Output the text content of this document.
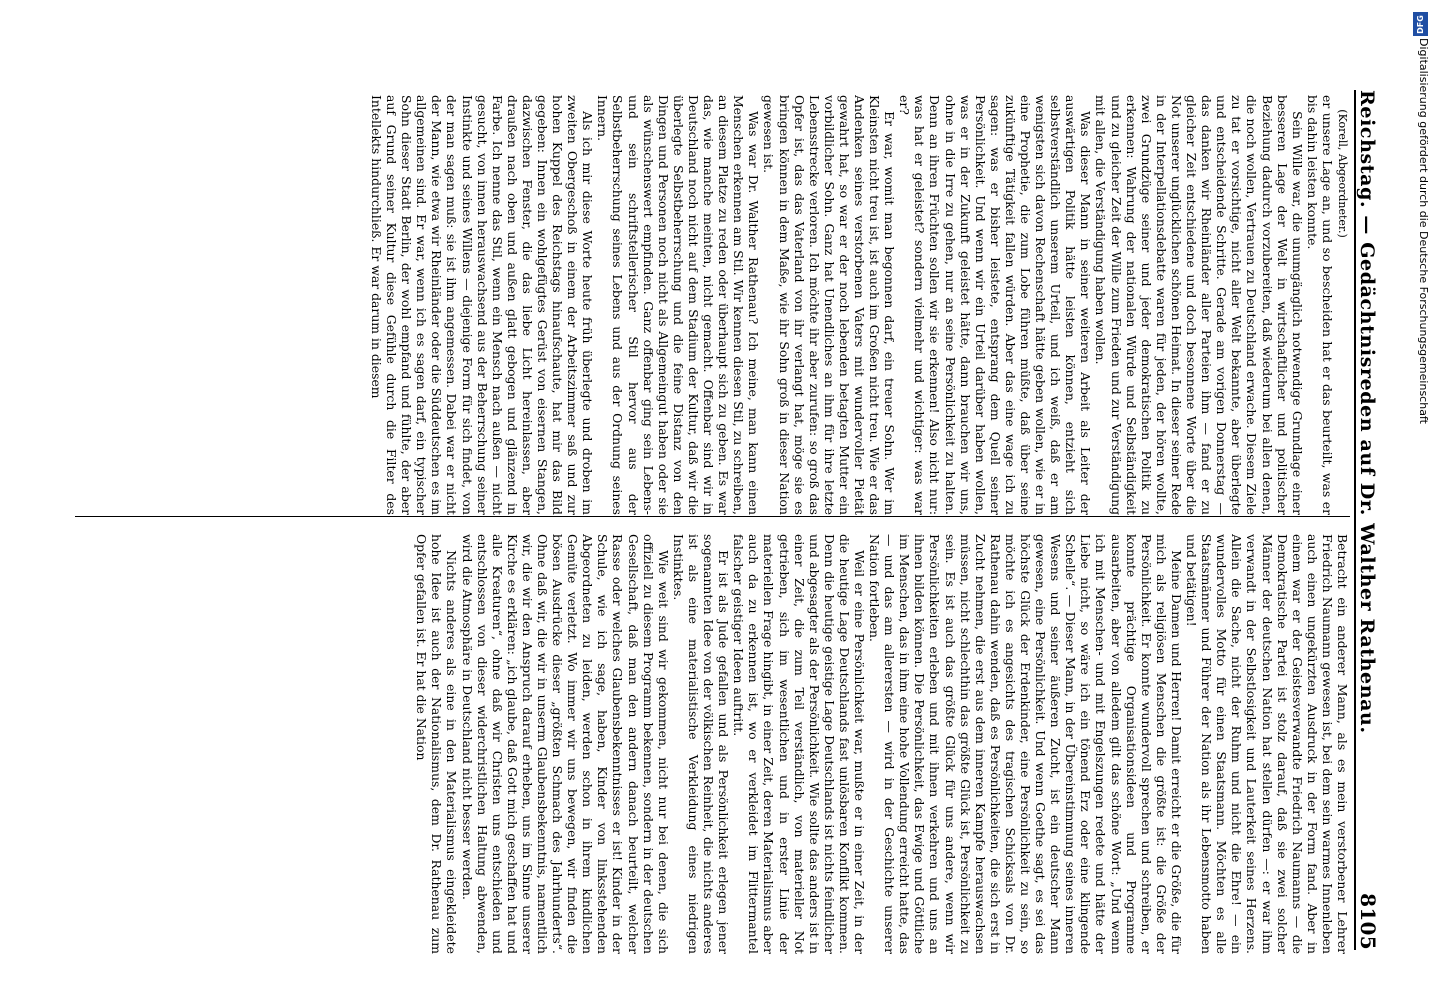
Reichstag. — Gedächtnisreden auf Dr. Walther Rathenau.
8105

(Korell, Abgeordneter.)

er unsere Lage an, und so bescheiden hat er das beurteilt, was er bis dahin leisten konnte.

Sein Wille war, die unumgänglich notwendige Grundlage einer besseren Lage der Welt in wirtschaftlicher und politischer Beziehung dadurch vorzubereiten, daß wiederum bei allen denen, die noch wollen, Vertrauen zu Deutschland erwache. Diesem Ziele zu tat er vorsichtige, nicht aller Welt bekannte, aber überlegte und entscheidende Schritte. Gerade am vorigen Donnerstag — das danken wir Rheinländer aller Parteien ihm — fand er zu gleicher Zeit entschiedene und doch besonnene Worte über die Not unserer unglücklichen schönen Heimat. In dieser seiner Rede in der Interpellationsdebatte waren für jeden, der hören wollte, zwei Grundzüge seiner und jeder demokratischen Politik zu erkennen: Wahrung der nationalen Würde und Selbständigkeit und zu gleicher Zeit der Wille zum Frieden und zur Verständigung mit allen, die Verständigung haben wollen.

Was dieser Mann in seiner weiteren Arbeit als Leiter der auswärtigen Politik hätte leisten können, entzieht sich selbstverständlich unserem Urteil, und ich weiß, daß er am wenigsten sich davon Rechenschaft hätte geben wollen, wie er in eine Prophetie, die zum Lobe führen müßte, daß über seine zukünftige Tätigkeit fallen würden. Aber das eine wage ich zu sagen: was er bisher leistete, entsprang dem Quell seiner Persönlichkeit. Und wenn wir ein Urteil darüber haben wollen, was er in der Zukunft geleistet hätte, dann brauchen wir uns, ohne in die Irre zu gehen, nur an seine Persönlichkeit zu halten. Denn an ihren Früchten sollen wir sie erkennen! Also nicht nur: was hat er geleistet? sondern vielmehr und wichtiger: was war er?

Er war, womit man begonnen darf, ein treuer Sohn. Wer im Kleinsten nicht treu ist, ist auch im Großen nicht treu. Wie er das Andenken seines verstorbenen Vaters mit wundervoller Pietät gewahrt hat, so war er der noch lebenden betagten Mutter ein vorbildlicher Sohn. Ganz hat Unendliches an ihm für ihre letzte Lebensstrecke verloren. Ich möchte ihr aber zurufen: so groß das Opfer ist, das das Vaterland von ihr verlangt hat, möge sie es bringen können in dem Maße, wie ihr Sohn groß in dieser Nation gewesen ist.

Was war Dr. Walther Rathenau? Ich meine, man kann einen Menschen erkennen am Stil. Wir kennen diesen Stil, zu schreiben, an diesem Platze zu reden oder überhaupt sich zu geben. Es war das, wie manche meinten, nicht gemacht. Offenbar sind wir in Deutschland noch nicht auf dem Stadium der Kultur, daß wir die überlegte Selbstbeherrschung und die feine Distanz von den Dingen und Personen noch nicht als Allgemeingut haben oder sie als wünschenswert empfinden. Ganz offenbar ging sein Lebens- und sein schriftstellerischer Stil hervor aus der Selbstbeherrschung seines Lebens und aus der Ordnung seines Innern.

Als ich mir diese Worte heute früh überlegte und droben im zweiten Obergeschoß in einem der Arbeitszimmer saß und zur hohen Kuppel des Reichstags hinaufschaute, hat mir das Bild gegeben: Innen ein wohlgefügtes Gerüst von eisernen Stangen, dazwischen Fenster, die das liebe Licht hereinlassen, aber draußen nach oben und außen glatt gebogen und glänzend in Farbe. Ich nenne das Stil, wenn ein Mensch nach außen — nicht gesucht, von innen herauswachsend aus der Beherrschung seiner Instinkte und seines Willens — diejenige Form für sich findet, von der man sagen muß: sie ist ihm angemessen. Dabei war er nicht der Mann, wie etwa wir Rheinländer oder die Süddeutschen es im allgemeinen sind. Er war, wenn ich es sagen darf, ein typischer Sohn dieser Stadt Berlin, der wohl empfand und fühlte, der aber auf Grund seiner Kultur diese Gefühle durch die Filter des Intellekts hindurchließ. Er war darum in diesem

Betracht ein anderer Mann, als es mein verstorbener Lehrer Friedrich Naumann gewesen ist, bei dem sein warmes Innenleben auch einen ungekürzten Ausdruck in der Form fand. Aber in einem war er der Geistesverwandte Friedrich Naumanns — die Demokratische Partei ist stolz darauf, daß sie zwei solcher Männer der deutschen Nation hat stellen dürfen —: er war ihm verwandt in der Selbstlosigkeit und Lauterkeit seines Herzens. Allein die Sache, nicht der Ruhm und nicht die Ehre! — ein wundervolles Motto für einen Staatsmann. Möchten es alle Staatsmänner und Führer der Nation als ihr Lebensmotto haben und betätigen!

Meine Damen und Herren! Damit erreicht er die Größe, die für mich als religiösen Menschen die größte ist: die Größe der Persönlichkeit. Er konnte wundervoll sprechen und schreiben, er konnte prächtige Organisationsideen und Programme ausarbeiten, aber von alledem gilt das schöne Wort: „Und wenn ich mit Menschen- und mit Engelszungen redete und hätte der Liebe nicht, so wäre ich ein tönend Erz oder eine klingende Schelle“. — Dieser Mann, in der Übereinstimmung seines inneren Wesens und seiner äußeren Zucht, ist ein deutscher Mann gewesen, eine Persönlichkeit. Und wenn Goethe sagt, es sei das höchste Glück der Erdenkinder, eine Persönlichkeit zu sein, so möchte ich es angesichts des tragischen Schicksals von Dr. Rathenau dahin wenden, daß es Persönlichkeiten, die sich erst in Zucht nehmen, die erst aus dem inneren Kampfe herauswachsen müssen, nicht schlechthin das größte Glück ist, Persönlichkeit zu sein. Es ist auch das größte Glück für uns andere, wenn wir Persönlichkeiten erleben und mit ihnen verkehren und uns an ihnen bilden können. Die Persönlichkeit, das Ewige und Göttliche im Menschen, das in ihm eine hohe Vollendung erreicht hatte, das — und das am allerersten — wird in der Geschichte unserer Nation fortleben.

Weil er eine Persönlichkeit war, mußte er in einer Zeit, in der die heutige Lage Deutschlands fast unlösbaren Konflikt kommen. Denn die heutige geistige Lage Deutschlands ist nichts feindlicher und abgesagter als der Persönlichkeit. Wie sollte das anders ist in einer Zeit, die zum Teil verständlich, von materieller Not getrieben, sich im wesentlichen und in erster Linie der materiellen Frage hingibt, in einer Zeit, deren Materialismus aber auch da zu erkennen ist, wo er verkleidet im Flittermantel falscher geistiger Ideen auftritt.

Er ist als Jude gefallen und als Persönlichkeit erlegen jener sogenannten Idee von der völkischen Reinheit, die nichts anderes ist als eine materialistische Verkleidung eines niedrigen Instinktes.

Wie weit sind wir gekommen, nicht nur bei denen, die sich offiziell zu diesem Programm bekennen, sondern in der deutschen Gesellschaft, daß man den andern danach beurteilt, welcher Rasse oder welches Glaubensbekenntnisses er ist! Kinder in der Schule, wie ich sage, haben, Kinder von linksstehenden Abgeordneten zu leiden, werden schon in ihrem kindlichen Gemüte verletzt. Wo immer wir uns bewegen, wir finden die bösen Ausdrücke dieser „größten Schmach des Jahrhunderts“. Ohne daß wir, die wir in unserm Glaubensbekenntnis, namentlich wir, die wir den Anspruch darauf erheben, uns im Sinne unserer Kirche es erklären: „ich glaube, daß Gott mich geschaffen hat und alle Kreaturen“, ohne daß wir Christen uns entschieden und entschlossen von dieser widerchristlichen Haltung abwenden, wird die Atmosphäre in Deutschland nicht besser werden.

Nichts anderes als eine in den Materialismus eingekleidete hohe Idee ist auch der Nationalismus, dem Dr. Rathenau zum Opfer gefallen ist. Er hat die Nation

DFG
Digitalisierung gefördert durch die Deutsche Forschungsgemeinschaft
